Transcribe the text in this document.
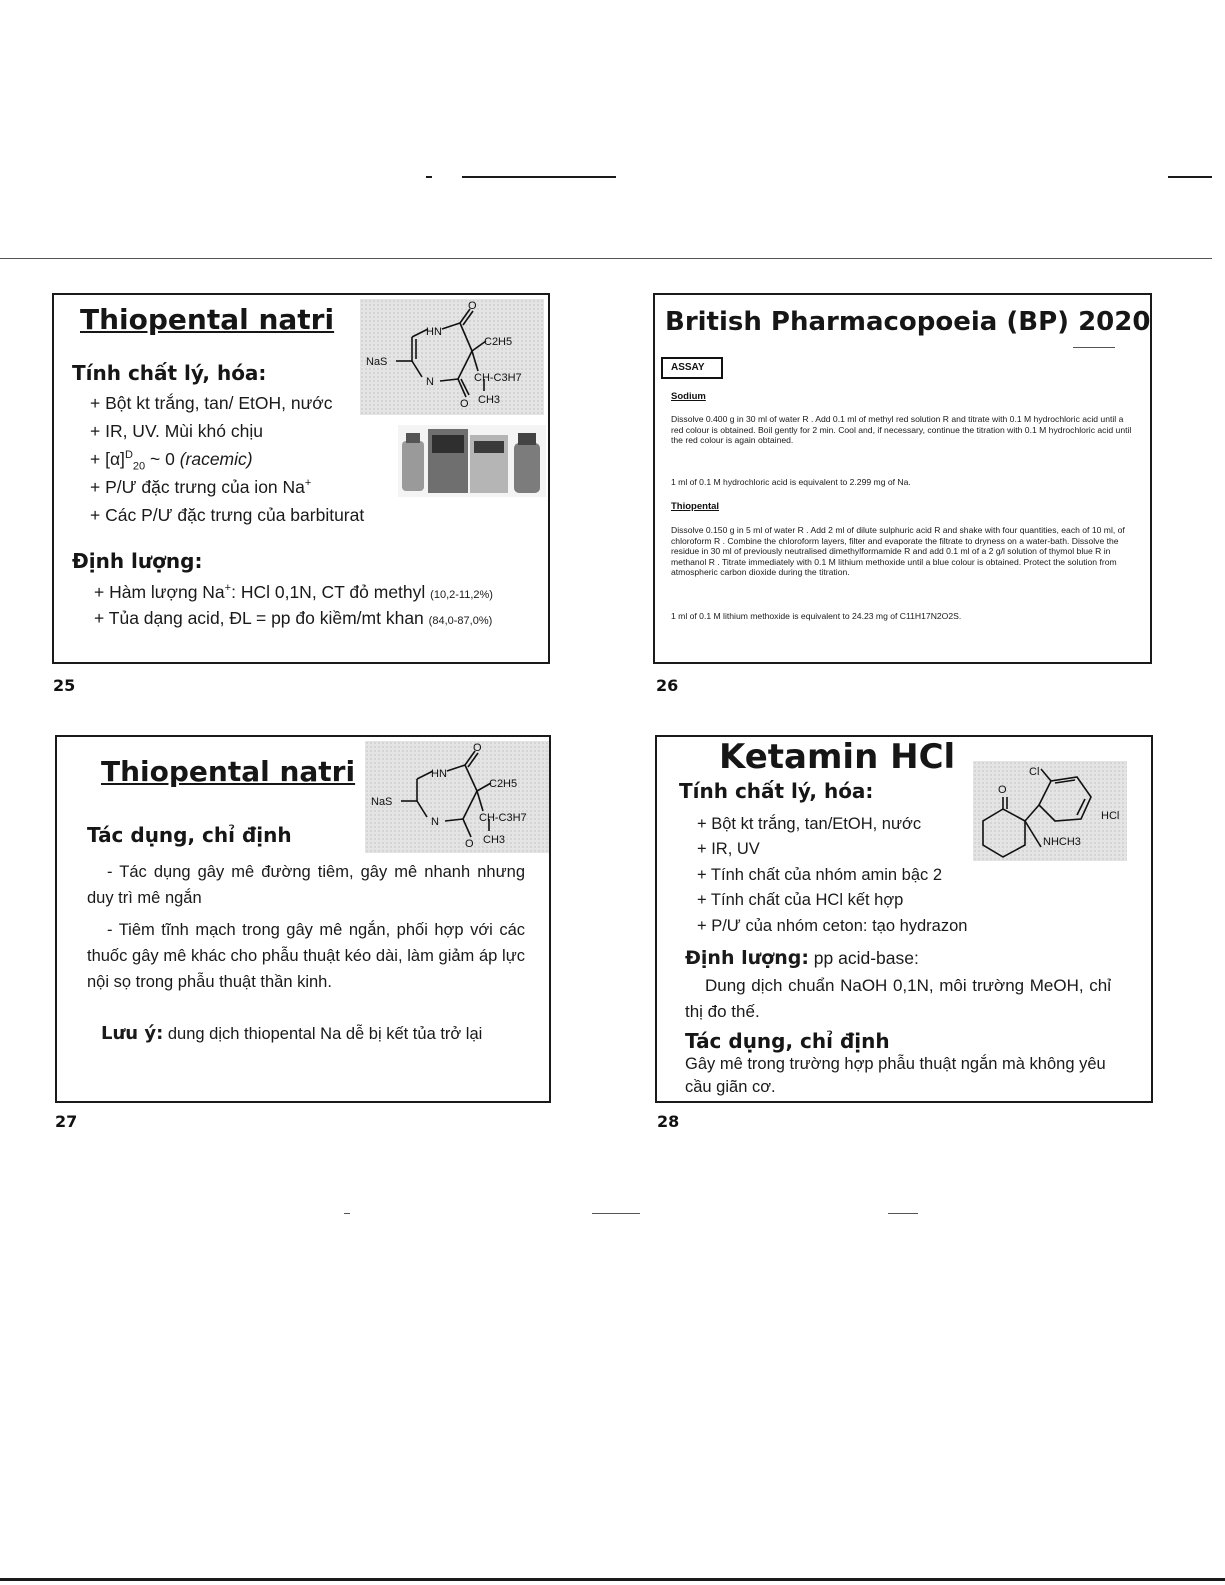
Thiopental natri	HN
O
C2H5
NaS
N	CH-C3H7
O CH3
Tính chất lý, hóa:
+ Bột kt trắng, tan/ EtOH, nước
+ IR, UV. Mùi khó chịu
+ $[\alpha]^D_{20}$ ~ 0 (racemic)
+ P/Ư đặc trưng của ion Na+
+ Các P/Ư đặc trưng của barbiturat
Định lượng:
+ Hàm lượng Na+: HCl 0,1N, CT đỏ methyl (10,2-11,2%)
+ Tủa dạng acid, ĐL = pp đo kiềm/mt khan (84,0-87,0%)
25
British Pharmacopoeia (BP) 2020
ASSAY
Sodium
Dissolve 0.400 g in 30 ml of water R . Add 0.1 ml of methyl red solution R and titrate with 0.1 M hydrochloric acid until a red colour is obtained. Boil gently for 2 min. Cool and, if necessary, continue the titration with 0.1 M hydrochloric acid until the red colour is again obtained.
1 ml of 0.1 M hydrochloric acid is equivalent to 2.299 mg of Na.
Thiopental
Dissolve 0.150 g in 5 ml of water R . Add 2 ml of dilute sulphuric acid R and shake with four quantities, each of 10 ml, of chloroform R . Combine the chloroform layers, filter and evaporate the filtrate to dryness on a water-bath. Dissolve the residue in 30 ml of previously neutralised dimethylformamide R and add 0.1 ml of a 2 g/l solution of thymol blue R in methanol R . Titrate immediately with 0.1 M lithium methoxide until a blue colour is obtained. Protect the solution from atmospheric carbon dioxide during the titration.
1 ml of 0.1 M lithium methoxide is equivalent to 24.23 mg of C11H17N2O2S.
26
Thiopental natri	HN
O
C2H5
NaS
N	CH-C3H7
O CH3
Tác dụng, chỉ định
- Tác dụng gây mê đường tiêm, gây mê nhanh nhưng duy trì mê ngắn
- Tiêm tĩnh mạch trong gây mê ngắn, phối hợp với các thuốc gây mê khác cho phẫu thuật kéo dài, làm giảm áp lực nội sọ trong phẫu thuật thần kinh.
Lưu ý: dung dịch thiopental Na dễ bị kết tủa trở lại
27
Ketamin HCl	Cl
O
HCl
NHCH3
Tính chất lý, hóa:
+ Bột kt trắng, tan/EtOH, nước
+ IR, UV
+ Tính chất của nhóm amin bậc 2
+ Tính chất của HCl kết hợp
+ P/Ư của nhóm ceton: tạo hydrazon
Định lượng: pp acid-base:
Dung dịch chuẩn NaOH 0,1N, môi trường MeOH, chỉ thị đo thế.
Tác dụng, chỉ định
Gây mê trong trường hợp phẫu thuật ngắn mà không yêu cầu giãn cơ.
28
